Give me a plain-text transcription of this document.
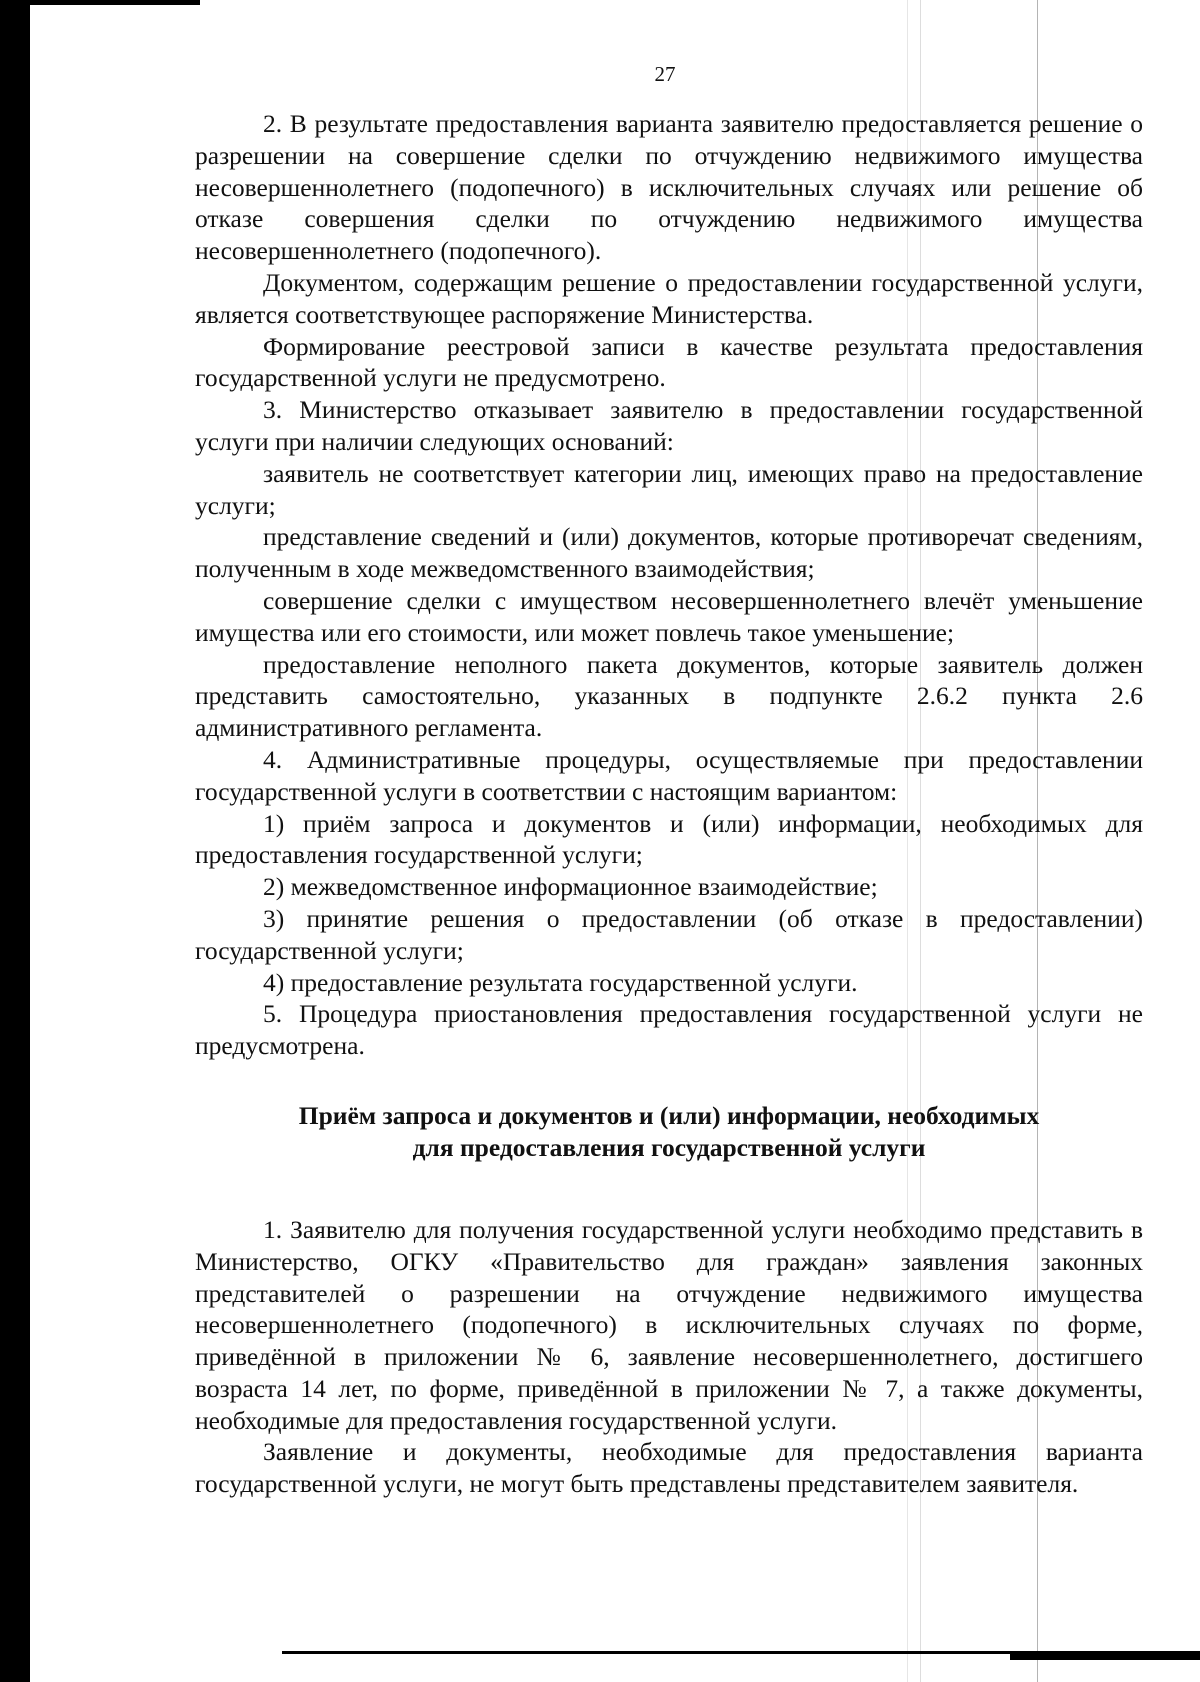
27

2. В результате предоставления варианта заявителю предоставляется решение о разрешении на совершение сделки по отчуждению недвижимого имущества несовершеннолетнего (подопечного) в исключительных случаях или решение об отказе совершения сделки по отчуждению недвижимого имущества несовершеннолетнего (подопечного).

Документом, содержащим решение о предоставлении государственной услуги, является соответствующее распоряжение Министерства.

Формирование реестровой записи в качестве результата предоставления государственной услуги не предусмотрено.

3. Министерство отказывает заявителю в предоставлении государственной услуги при наличии следующих оснований:

заявитель не соответствует категории лиц, имеющих право на предоставление услуги;

представление сведений и (или) документов, которые противоречат сведениям, полученным в ходе межведомственного взаимодействия;

совершение сделки с имуществом несовершеннолетнего влечёт уменьшение имущества или его стоимости, или может повлечь такое уменьшение;

предоставление неполного пакета документов, которые заявитель должен представить самостоятельно, указанных в подпункте 2.6.2 пункта 2.6 административного регламента.

4. Административные процедуры, осуществляемые при предоставлении государственной услуги в соответствии с настоящим вариантом:

1) приём запроса и документов и (или) информации, необходимых для предоставления государственной услуги;

2) межведомственное информационное взаимодействие;

3) принятие решения о предоставлении (об отказе в предоставлении) государственной услуги;

4) предоставление результата государственной услуги.

5. Процедура приостановления предоставления государственной услуги не предусмотрена.

Приём запроса и документов и (или) информации, необходимых
для предоставления государственной услуги

1. Заявителю для получения государственной услуги необходимо представить в Министерство, ОГКУ «Правительство для граждан» заявления законных представителей о разрешении на отчуждение недвижимого имущества несовершеннолетнего (подопечного) в исключительных случаях по форме, приведённой в приложении № 6, заявление несовершеннолетнего, достигшего возраста 14 лет, по форме, приведённой в приложении № 7, а также документы, необходимые для предоставления государственной услуги.

Заявление и документы, необходимые для предоставления варианта государственной услуги, не могут быть представлены представителем заявителя.
